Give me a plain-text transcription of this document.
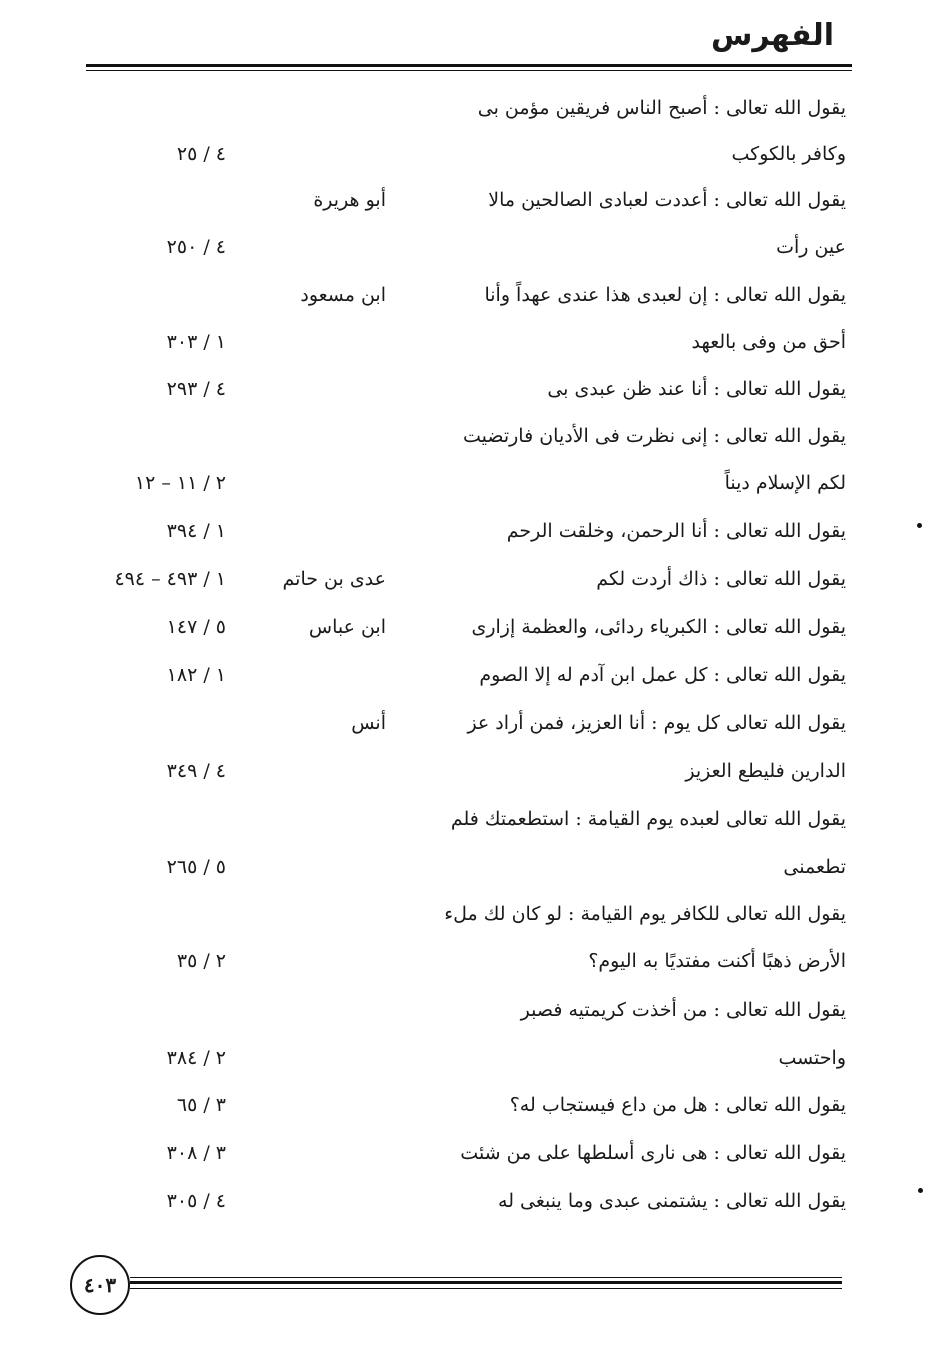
الفهرس
يقول الله تعالى : أصبح الناس فريقين مؤمن بى
وكافر بالكوكب
٤ / ٢٥
يقول الله تعالى : أعددت لعبادى الصالحين مالا
أبو هريرة
عين رأت
٤ / ٢٥٠
يقول الله تعالى : إن لعبدى هذا عندى عهداً وأنا
ابن مسعود
أحق من وفى بالعهد
١ / ٣٠٣
يقول الله تعالى : أنا عند ظن عبدى بى
٤ / ٢٩٣
يقول الله تعالى : إنى نظرت فى الأديان فارتضيت
لكم الإسلام ديناً
٢ / ١١ – ١٢
يقول الله تعالى : أنا الرحمن، وخلقت الرحم
١ / ٣٩٤
يقول الله تعالى : ذاك أردت لكم
عدى بن حاتم
١ / ٤٩٣ – ٤٩٤
يقول الله تعالى : الكبرياء ردائى، والعظمة إزارى
ابن عباس
٥ / ١٤٧
يقول الله تعالى : كل عمل ابن آدم له إلا الصوم
١ / ١٨٢
يقول الله تعالى كل يوم : أنا العزيز، فمن أراد عز
أنس
الدارين فليطع العزيز
٤ / ٣٤٩
يقول الله تعالى لعبده يوم القيامة : استطعمتك فلم
تطعمنى
٥ / ٢٦٥
يقول الله تعالى للكافر يوم القيامة : لو كان لك ملء
الأرض ذهبًا أكنت مفتديًا به اليوم؟
٢ / ٣٥
يقول الله تعالى : من أخذت كريمتيه فصبر
واحتسب
٢ / ٣٨٤
يقول الله تعالى : هل من داع فيستجاب له؟
٣ / ٦٥
يقول الله تعالى : هى نارى أسلطها على من شئت
٣ / ٣٠٨
يقول الله تعالى : يشتمنى عبدى وما ينبغى له
٤ / ٣٠٥
٤٠٣
